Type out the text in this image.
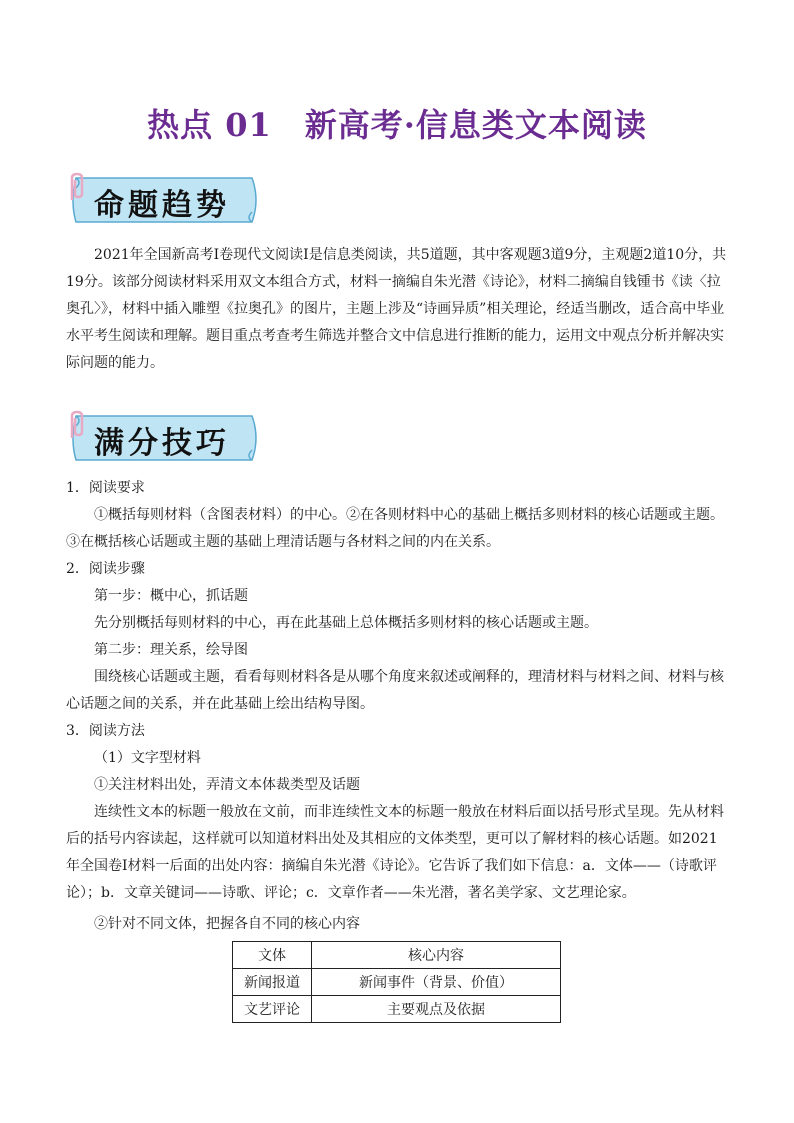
热点 01　新高考·信息类文本阅读
命题趋势

2021年全国新高考Ⅰ卷现代文阅读Ⅰ是信息类阅读，共5道题，其中客观题3道9分，主观题2道10分，共19分。该部分阅读材料采用双文本组合方式，材料一摘编自朱光潜《诗论》，材料二摘编自钱锺书《读〈拉奥孔〉》，材料中插入雕塑《拉奥孔》的图片，主题上涉及“诗画异质”相关理论，经适当删改，适合高中毕业水平考生阅读和理解。题目重点考查考生筛选并整合文中信息进行推断的能力，运用文中观点分析并解决实际问题的能力。

满分技巧
1．阅读要求

①概括每则材料（含图表材料）的中心。②在各则材料中心的基础上概括多则材料的核心话题或主题。③在概括核心话题或主题的基础上理清话题与各材料之间的内在关系。

2．阅读步骤
第一步：概中心，抓话题
先分别概括每则材料的中心，再在此基础上总体概括多则材料的核心话题或主题。
第二步：理关系，绘导图

围绕核心话题或主题，看看每则材料各是从哪个角度来叙述或阐释的，理清材料与材料之间、材料与核心话题之间的关系，并在此基础上绘出结构导图。

3．阅读方法
（1）文字型材料
①关注材料出处，弄清文本体裁类型及话题

连续性文本的标题一般放在文前，而非连续性文本的标题一般放在材料后面以括号形式呈现。先从材料后的括号内容读起，这样就可以知道材料出处及其相应的文体类型，更可以了解材料的核心话题。如2021年全国卷Ⅰ材料一后面的出处内容：摘编自朱光潜《诗论》。它告诉了我们如下信息：a．文体——（诗歌评论）；b．文章关键词——诗歌、评论；c．文章作者——朱光潜，著名美学家、文艺理论家。

②针对不同文体，把握各自不同的核心内容
文体	核心内容
新闻报道	新闻事件（背景、价值）
文艺评论	主要观点及依据
